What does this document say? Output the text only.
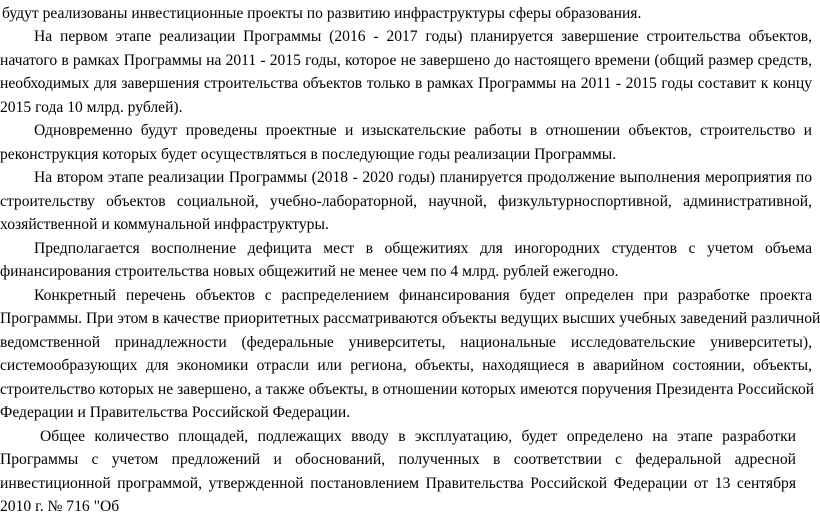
будут реализованы инвестиционные проекты по развитию инфраструктуры сферы образования.
На первом этапе реализации Программы (2016 - 2017 годы) планируется завершение строительства объектов,
начатого в рамках Программы на 2011 - 2015 годы, которое не завершено до настоящего времени (общий размер средств,
необходимых для завершения строительства объектов только в рамках Программы на 2011 - 2015 годы составит к концу
2015 года 10 млрд. рублей).
Одновременно будут проведены проектные и изыскательские работы в отношении объектов, строительство и
реконструкция которых будет осуществляться в последующие годы реализации Программы.
На втором этапе реализации Программы (2018 - 2020 годы) планируется продолжение выполнения мероприятия по
строительству объектов социальной, учебно-лабораторной, научной, физкультурноспортивной, административной,
хозяйственной и коммунальной инфраструктуры.
Предполагается восполнение дефицита мест в общежитиях для иногородних студентов с учетом объема
финансирования строительства новых общежитий не менее чем по 4 млрд. рублей ежегодно.
Конкретный перечень объектов с распределением финансирования будет определен при разработке проекта
Программы. При этом в качестве приоритетных рассматриваются объекты ведущих высших учебных заведений различной
ведомственной принадлежности (федеральные университеты, национальные исследовательские университеты),
системообразующих для экономики отрасли или региона, объекты, находящиеся в аварийном состоянии, объекты,
строительство которых не завершено, а также объекты, в отношении которых имеются поручения Президента Российской
Федерации и Правительства Российской Федерации.
Общее количество площадей, подлежащих вводу в эксплуатацию, будет определено на этапе разработки
Программы с учетом предложений и обоснований, полученных в соответствии с федеральной адресной
инвестиционной программой, утвержденной постановлением Правительства Российской Федерации от 13 сентября
2010 г. № 716 "Об
